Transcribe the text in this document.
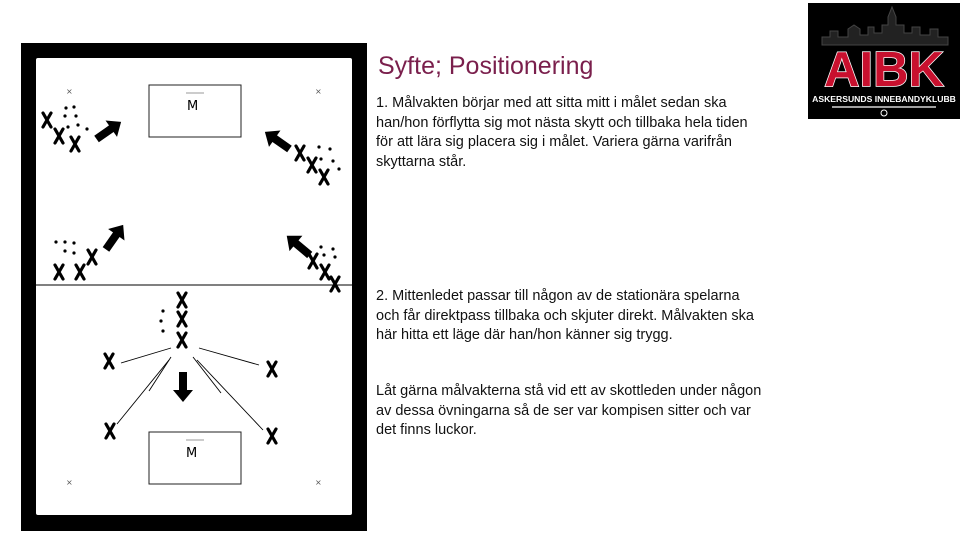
×	×
×	×
M
M
Syfte; Positionering

1. Målvakten börjar med att sitta mitt i målet sedan ska han/hon förflytta sig mot nästa skytt och tillbaka hela tiden för att lära sig placera sig i målet. Variera gärna varifrån skyttarna står.

2. Mittenledet passar till någon av de stationära spelarna och får direktpass tillbaka och skjuter direkt. Målvakten ska här hitta ett läge där han/hon känner sig trygg.

Låt gärna målvakterna stå vid ett av skottleden under någon av dessa övningarna så de ser var kompisen sitter och var det finns luckor.

AIBK
ASKERSUNDS INNEBANDYKLUBB
